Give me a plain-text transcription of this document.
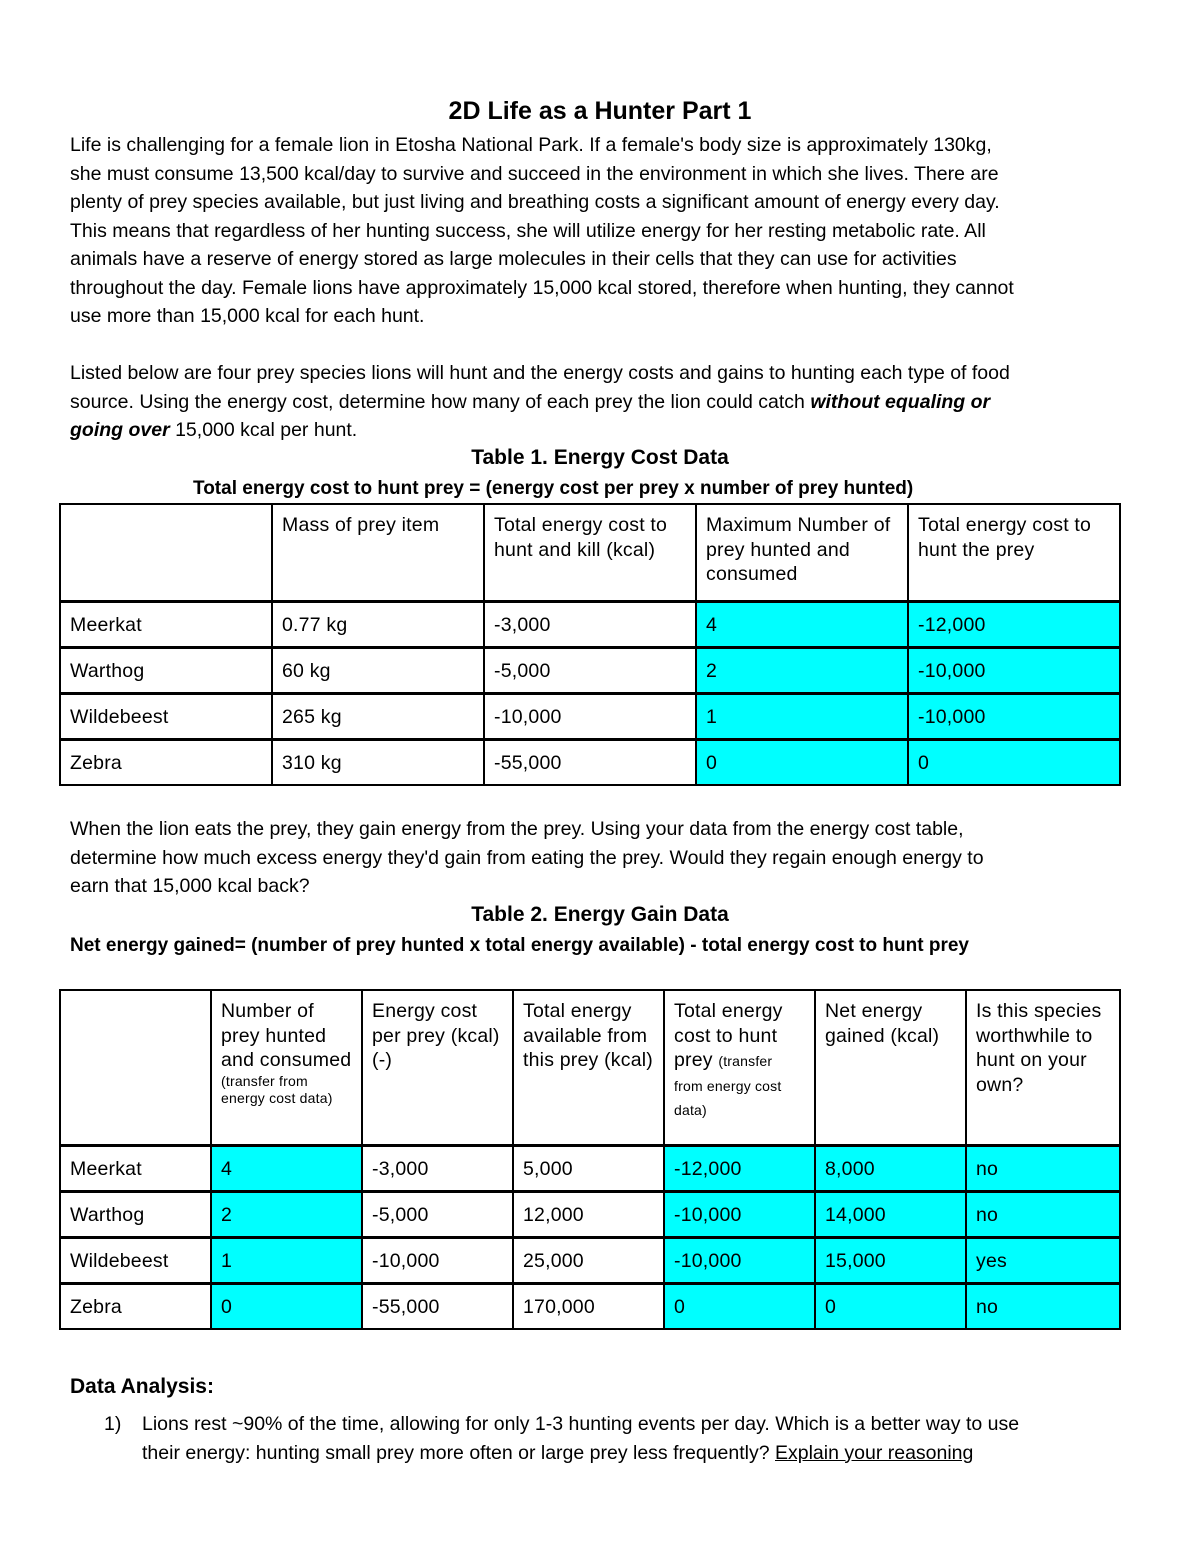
2D Life as a Hunter Part 1

Life is challenging for a female lion in Etosha National Park. If a female's body size is approximately 130kg,
she must consume 13,500 kcal/day to survive and succeed in the environment in which she lives. There are
plenty of prey species available, but just living and breathing costs a significant amount of energy every day.
This means that regardless of her hunting success, she will utilize energy for her resting metabolic rate. All
animals have a reserve of energy stored as large molecules in their cells that they can use for activities
throughout the day. Female lions have approximately 15,000 kcal stored, therefore when hunting, they cannot
use more than 15,000 kcal for each hunt.

Listed below are four prey species lions will hunt and the energy costs and gains to hunting each type of food
source. Using the energy cost, determine how many of each prey the lion could catch without equaling or
going over 15,000 kcal per hunt.

Table 1. Energy Cost Data

Total energy cost to hunt prey = (energy cost per prey x number of prey hunted)

	Mass of prey item	Total energy cost to hunt and kill (kcal)	Maximum Number of prey hunted and consumed	Total energy cost to hunt the prey
Meerkat	0.77 kg	-3,000	4	-12,000
Warthog	60 kg	-5,000	2	-10,000
Wildebeest	265 kg	-10,000	1	-10,000
Zebra	310 kg	-55,000	0	0

When the lion eats the prey, they gain energy from the prey. Using your data from the energy cost table,
determine how much excess energy they'd gain from eating the prey. Would they regain enough energy to
earn that 15,000 kcal back?

Table 2. Energy Gain Data

Net energy gained= (number of prey hunted x total energy available) - total energy cost to hunt prey

	Number of prey hunted and consumed
(transfer from energy cost data)	Energy cost per prey (kcal) (-)	Total energy available from this prey (kcal)	Total energy cost to hunt prey (transfer from energy cost data)	Net energy gained (kcal)	Is this species worthwhile to hunt on your own?
Meerkat	4	-3,000	5,000	-12,000	8,000	no
Warthog	2	-5,000	12,000	-10,000	14,000	no
Wildebeest	1	-10,000	25,000	-10,000	15,000	yes
Zebra	0	-55,000	170,000	0	0	no

Data Analysis:

1)	Lions rest ~90% of the time, allowing for only 1-3 hunting events per day. Which is a better way to use
their energy: hunting small prey more often or large prey less frequently? Explain your reasoning
